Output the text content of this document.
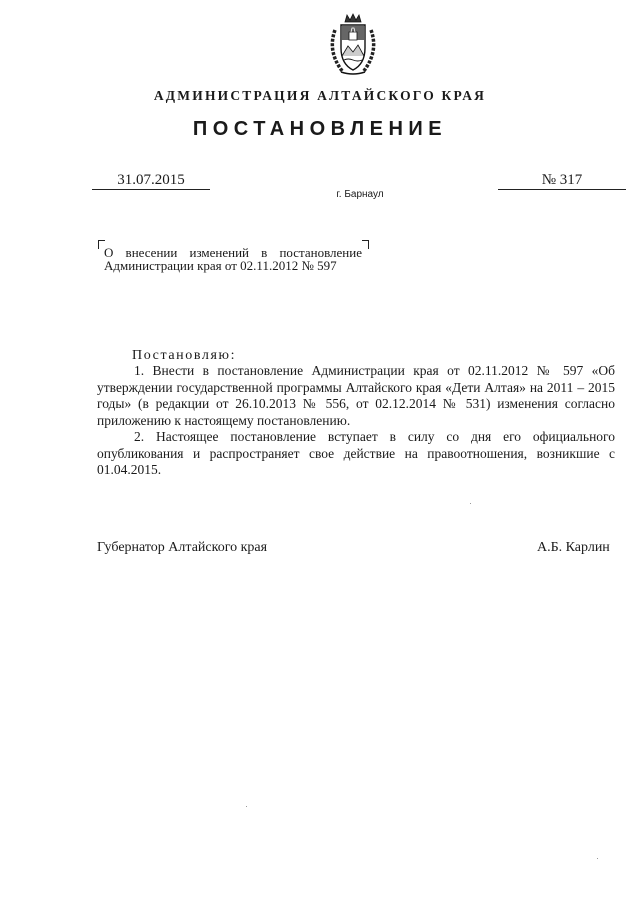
АДМИНИСТРАЦИЯ АЛТАЙСКОГО КРАЯ
ПОСТАНОВЛЕНИЕ
31.07.2015	№ 317
г. Барнаул
О внесении изменений в постановление Администрации края от 02.11.2012 № 597
Постановляю:

1. Внести в постановление Администрации края от 02.11.2012 № 597 «Об утверждении государственной программы Алтайского края «Дети Алтая» на 2011 – 2015 годы» (в редакции от 26.10.2013 № 556, от 02.12.2014 № 531) изменения согласно приложению к настоящему постановлению.

2. Настоящее постановление вступает в силу со дня его официального опубликования и распространяет свое действие на правоотношения, возникшие с 01.04.2015.

Губернатор Алтайского края	А.Б. Карлин
